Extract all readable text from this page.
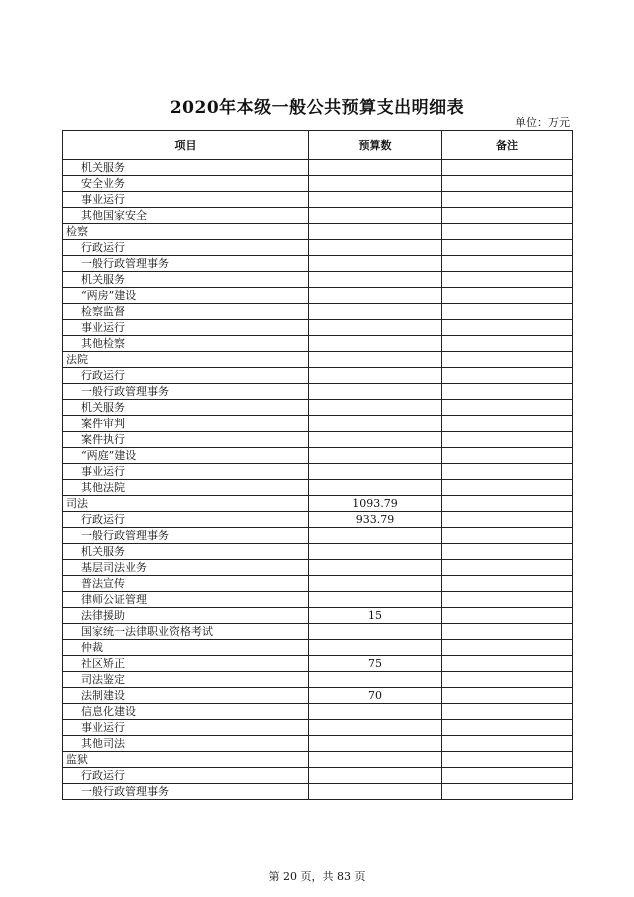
2020年本级一般公共预算支出明细表
单位：万元
项目	预算数	备注
机关服务		
安全业务		
事业运行		
其他国家安全		
检察		
行政运行		
一般行政管理事务		
机关服务		
“两房”建设		
检察监督		
事业运行		
其他检察		
法院		
行政运行		
一般行政管理事务		
机关服务		
案件审判		
案件执行		
“两庭”建设		
事业运行		
其他法院		
司法	1093.79	
行政运行	933.79	
一般行政管理事务		
机关服务		
基层司法业务		
普法宣传		
律师公证管理		
法律援助	15	
国家统一法律职业资格考试		
仲裁		
社区矫正	75	
司法鉴定		
法制建设	70	
信息化建设		
事业运行		
其他司法		
监狱		
行政运行		
一般行政管理事务		
第 20 页，共 83 页
